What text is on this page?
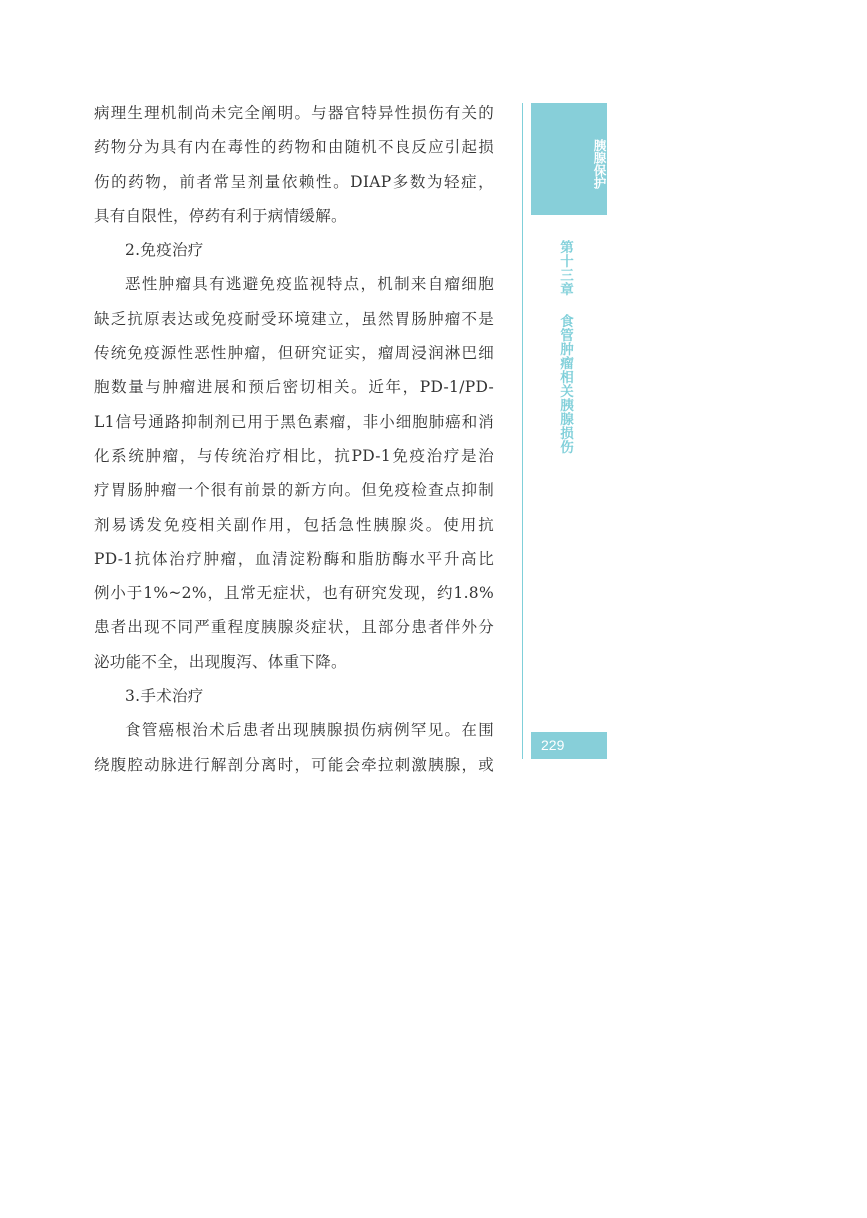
病理生理机制尚未完全阐明。与器官特异性损伤有关的

药物分为具有内在毒性的药物和由随机不良反应引起损

伤的药物，前者常呈剂量依赖性。DIAP多数为轻症，

具有自限性，停药有利于病情缓解。

2.免疫治疗

恶性肿瘤具有逃避免疫监视特点，机制来自瘤细胞

缺乏抗原表达或免疫耐受环境建立，虽然胃肠肿瘤不是

传统免疫源性恶性肿瘤，但研究证实，瘤周浸润淋巴细

胞数量与肿瘤进展和预后密切相关。近年，PD-1/PD-

L1信号通路抑制剂已用于黑色素瘤，非小细胞肺癌和消

化系统肿瘤，与传统治疗相比，抗PD-1免疫治疗是治

疗胃肠肿瘤一个很有前景的新方向。但免疫检查点抑制

剂易诱发免疫相关副作用，包括急性胰腺炎。使用抗

PD-1抗体治疗肿瘤，血清淀粉酶和脂肪酶水平升高比

例小于1%~2%，且常无症状，也有研究发现，约1.8%

患者出现不同严重程度胰腺炎症状，且部分患者伴外分

泌功能不全，出现腹泻、体重下降。

3.手术治疗

食管癌根治术后患者出现胰腺损伤病例罕见。在围

绕腹腔动脉进行解剖分离时，可能会牵拉刺激胰腺，或

胰腺保护
第十三章食管肿瘤相关胰腺损伤
229
